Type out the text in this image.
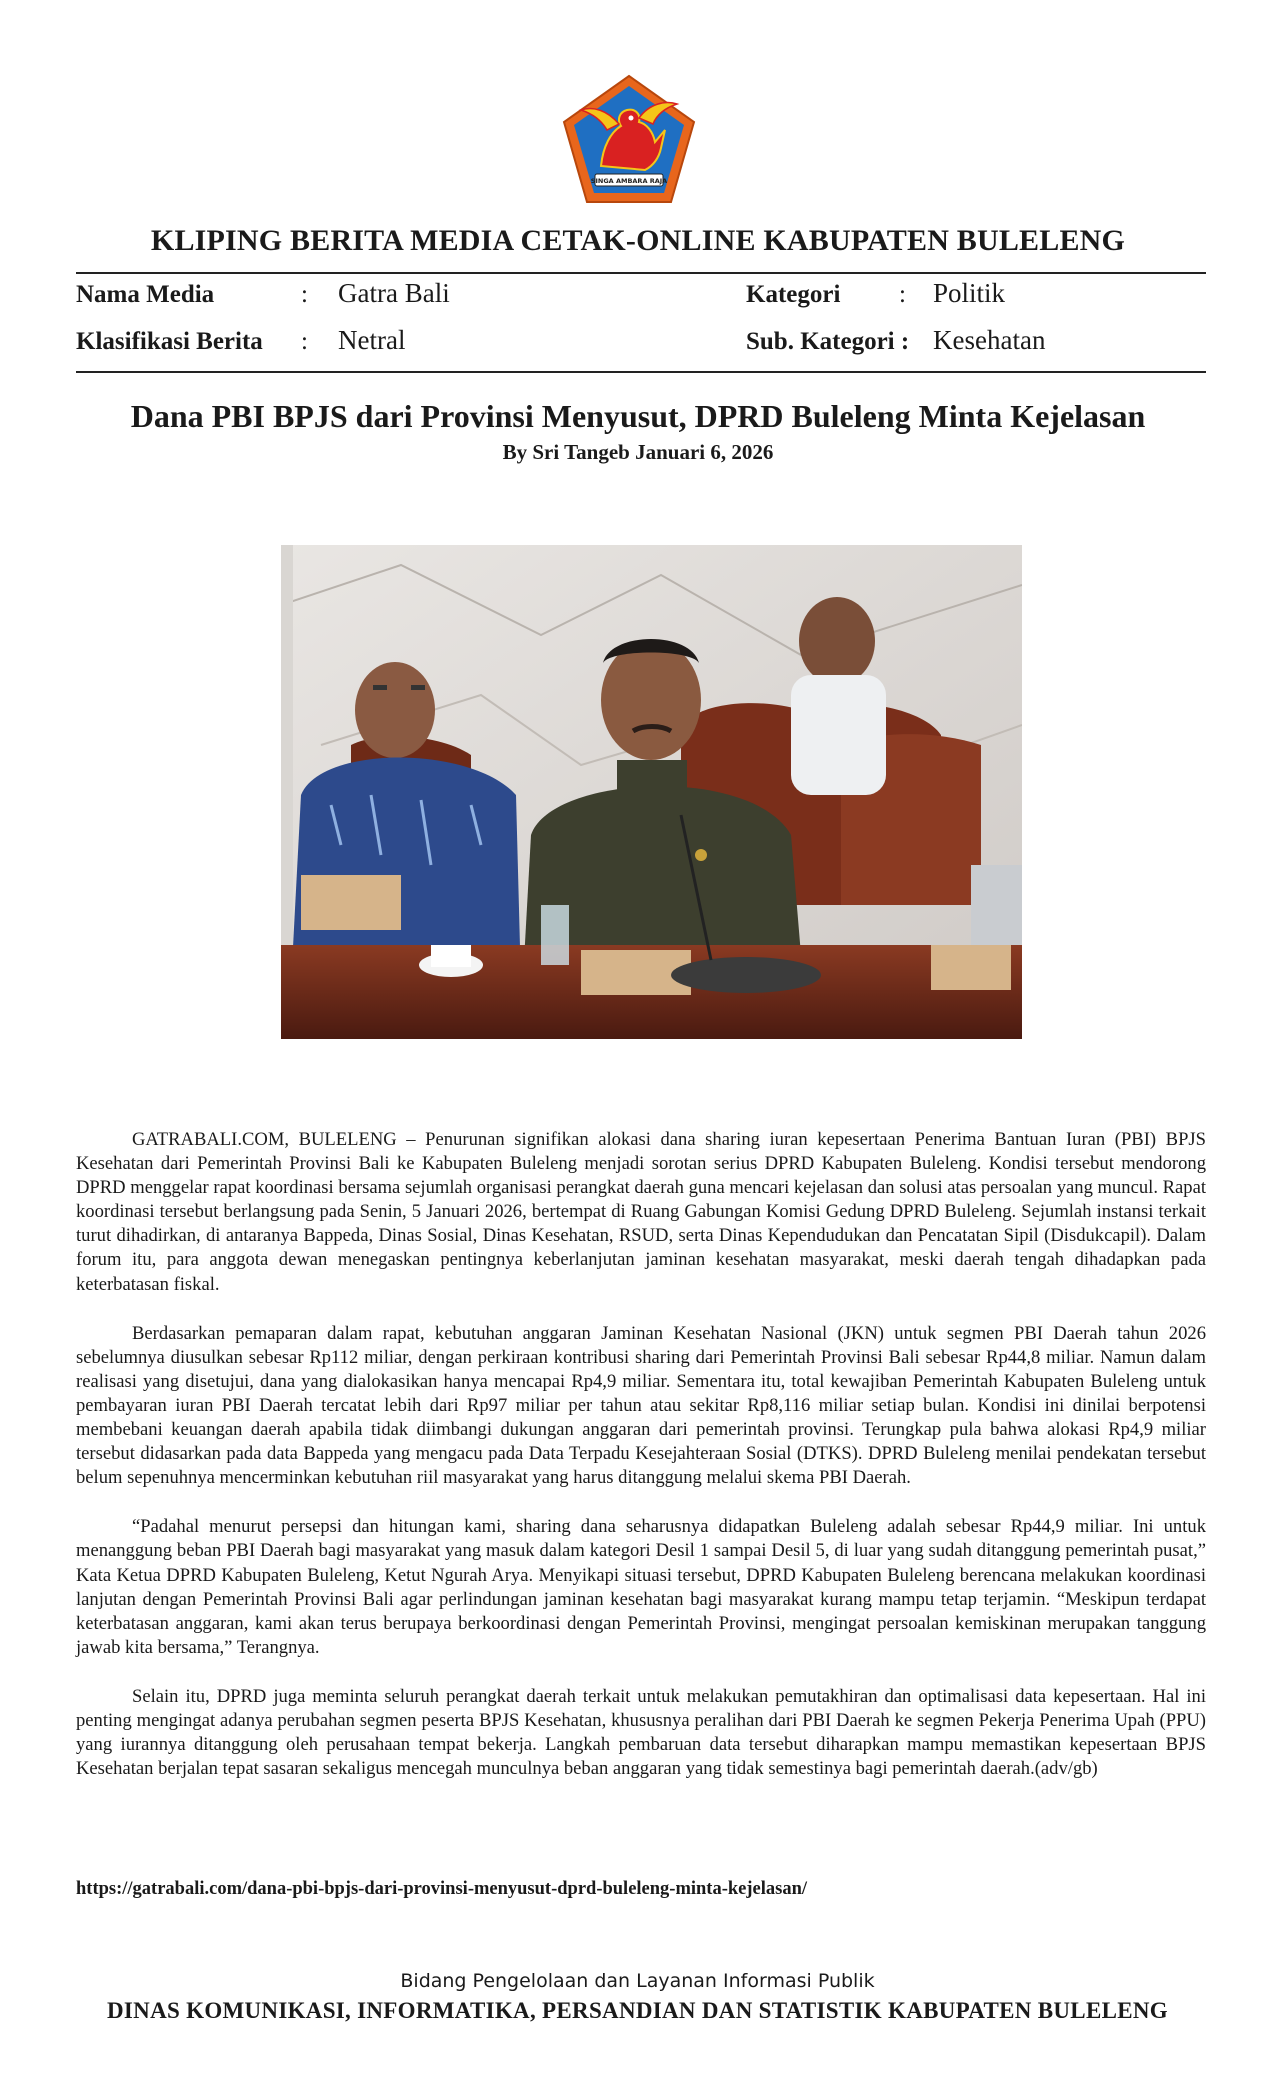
SINGA AMBARA RAJA
KLIPING BERITA MEDIA CETAK-ONLINE KABUPATEN BULELENG
Nama Media	: Gatra Bali	Kategori : Politik
Klasifikasi Berita : Netral	Sub. Kategori : Kesehatan
Dana PBI BPJS dari Provinsi Menyusut, DPRD Buleleng Minta Kejelasan
By Sri Tangeb Januari 6, 2026

GATRABALI.COM, BULELENG – Penurunan signifikan alokasi dana sharing iuran kepesertaan Penerima Bantuan Iuran (PBI) BPJS Kesehatan dari Pemerintah Provinsi Bali ke Kabupaten Buleleng menjadi sorotan serius DPRD Kabupaten Buleleng. Kondisi tersebut mendorong DPRD menggelar rapat koordinasi bersama sejumlah organisasi perangkat daerah guna mencari kejelasan dan solusi atas persoalan yang muncul. Rapat koordinasi tersebut berlangsung pada Senin, 5 Januari 2026, bertempat di Ruang Gabungan Komisi Gedung DPRD Buleleng. Sejumlah instansi terkait turut dihadirkan, di antaranya Bappeda, Dinas Sosial, Dinas Kesehatan, RSUD, serta Dinas Kependudukan dan Pencatatan Sipil (Disdukcapil). Dalam forum itu, para anggota dewan menegaskan pentingnya keberlanjutan jaminan kesehatan masyarakat, meski daerah tengah dihadapkan pada keterbatasan fiskal.

Berdasarkan pemaparan dalam rapat, kebutuhan anggaran Jaminan Kesehatan Nasional (JKN) untuk segmen PBI Daerah tahun 2026 sebelumnya diusulkan sebesar Rp112 miliar, dengan perkiraan kontribusi sharing dari Pemerintah Provinsi Bali sebesar Rp44,8 miliar. Namun dalam realisasi yang disetujui, dana yang dialokasikan hanya mencapai Rp4,9 miliar. Sementara itu, total kewajiban Pemerintah Kabupaten Buleleng untuk pembayaran iuran PBI Daerah tercatat lebih dari Rp97 miliar per tahun atau sekitar Rp8,116 miliar setiap bulan. Kondisi ini dinilai berpotensi membebani keuangan daerah apabila tidak diimbangi dukungan anggaran dari pemerintah provinsi. Terungkap pula bahwa alokasi Rp4,9 miliar tersebut didasarkan pada data Bappeda yang mengacu pada Data Terpadu Kesejahteraan Sosial (DTKS). DPRD Buleleng menilai pendekatan tersebut belum sepenuhnya mencerminkan kebutuhan riil masyarakat yang harus ditanggung melalui skema PBI Daerah.

“Padahal menurut persepsi dan hitungan kami, sharing dana seharusnya didapatkan Buleleng adalah sebesar Rp44,9 miliar. Ini untuk menanggung beban PBI Daerah bagi masyarakat yang masuk dalam kategori Desil 1 sampai Desil 5, di luar yang sudah ditanggung pemerintah pusat,” Kata Ketua DPRD Kabupaten Buleleng, Ketut Ngurah Arya. Menyikapi situasi tersebut, DPRD Kabupaten Buleleng berencana melakukan koordinasi lanjutan dengan Pemerintah Provinsi Bali agar perlindungan jaminan kesehatan bagi masyarakat kurang mampu tetap terjamin. “Meskipun terdapat keterbatasan anggaran, kami akan terus berupaya berkoordinasi dengan Pemerintah Provinsi, mengingat persoalan kemiskinan merupakan tanggung jawab kita bersama,” Terangnya.

Selain itu, DPRD juga meminta seluruh perangkat daerah terkait untuk melakukan pemutakhiran dan optimalisasi data kepesertaan. Hal ini penting mengingat adanya perubahan segmen peserta BPJS Kesehatan, khususnya peralihan dari PBI Daerah ke segmen Pekerja Penerima Upah (PPU) yang iurannya ditanggung oleh perusahaan tempat bekerja. Langkah pembaruan data tersebut diharapkan mampu memastikan kepesertaan BPJS Kesehatan berjalan tepat sasaran sekaligus mencegah munculnya beban anggaran yang tidak semestinya bagi pemerintah daerah.(adv/gb)

https://gatrabali.com/dana-pbi-bpjs-dari-provinsi-menyusut-dprd-buleleng-minta-kejelasan/
Bidang Pengelolaan dan Layanan Informasi Publik
DINAS KOMUNIKASI, INFORMATIKA, PERSANDIAN DAN STATISTIK KABUPATEN BULELENG
